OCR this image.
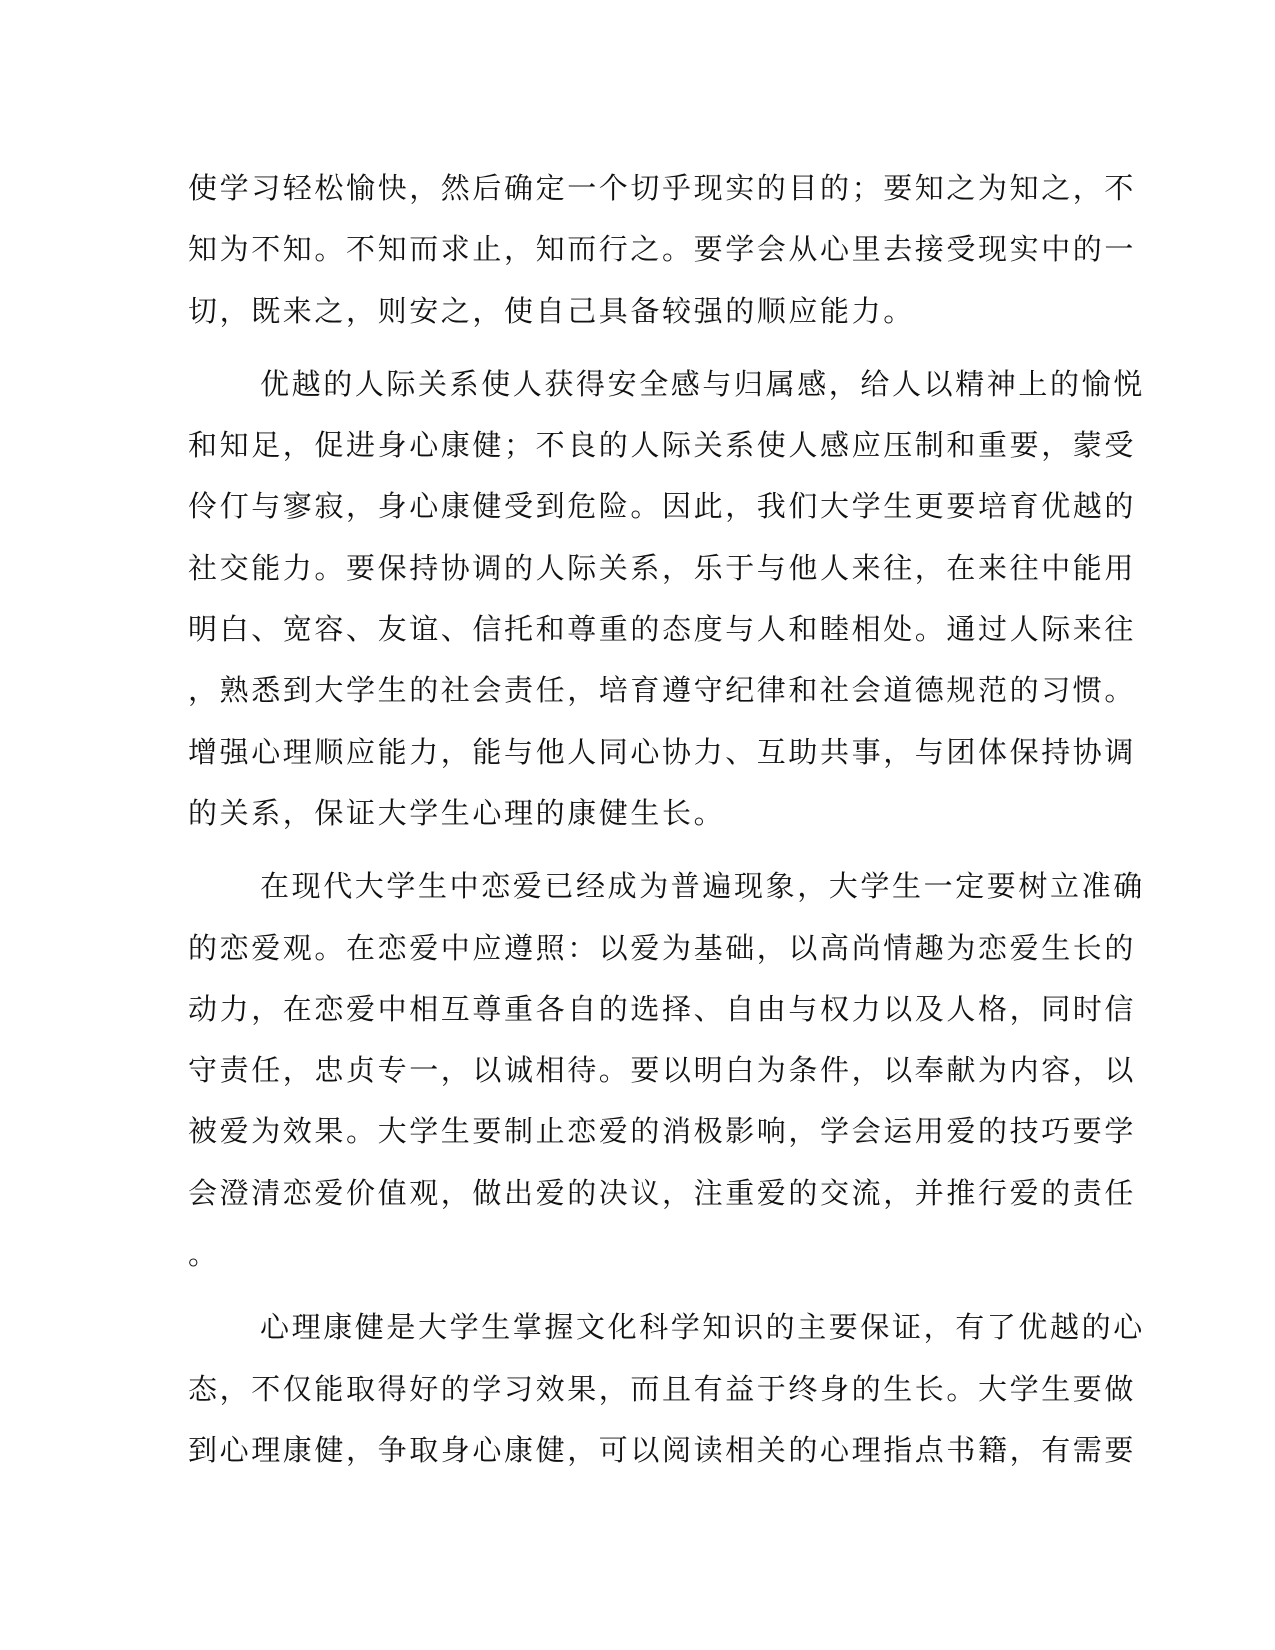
使学习轻松愉快，然后确定一个切乎现实的目的；要知之为知之，不
知为不知。不知而求止，知而行之。要学会从心里去接受现实中的一
切，既来之，则安之，使自己具备较强的顺应能力。
优越的人际关系使人获得安全感与归属感，给人以精神上的愉悦
和知足，促进身心康健；不良的人际关系使人感应压制和重要，蒙受
伶仃与寥寂，身心康健受到危险。因此，我们大学生更要培育优越的
社交能力。要保持协调的人际关系，乐于与他人来往，在来往中能用
明白、宽容、友谊、信托和尊重的态度与人和睦相处。通过人际来往
，熟悉到大学生的社会责任，培育遵守纪律和社会道德规范的习惯。
增强心理顺应能力，能与他人同心协力、互助共事，与团体保持协调
的关系，保证大学生心理的康健生长。
在现代大学生中恋爱已经成为普遍现象，大学生一定要树立准确
的恋爱观。在恋爱中应遵照：以爱为基础，以高尚情趣为恋爱生长的
动力，在恋爱中相互尊重各自的选择、自由与权力以及人格，同时信
守责任，忠贞专一，以诚相待。要以明白为条件，以奉献为内容，以
被爱为效果。大学生要制止恋爱的消极影响，学会运用爱的技巧要学
会澄清恋爱价值观，做出爱的决议，注重爱的交流，并推行爱的责任
。
心理康健是大学生掌握文化科学知识的主要保证，有了优越的心
态，不仅能取得好的学习效果，而且有益于终身的生长。大学生要做
到心理康健，争取身心康健，可以阅读相关的心理指点书籍，有需要
